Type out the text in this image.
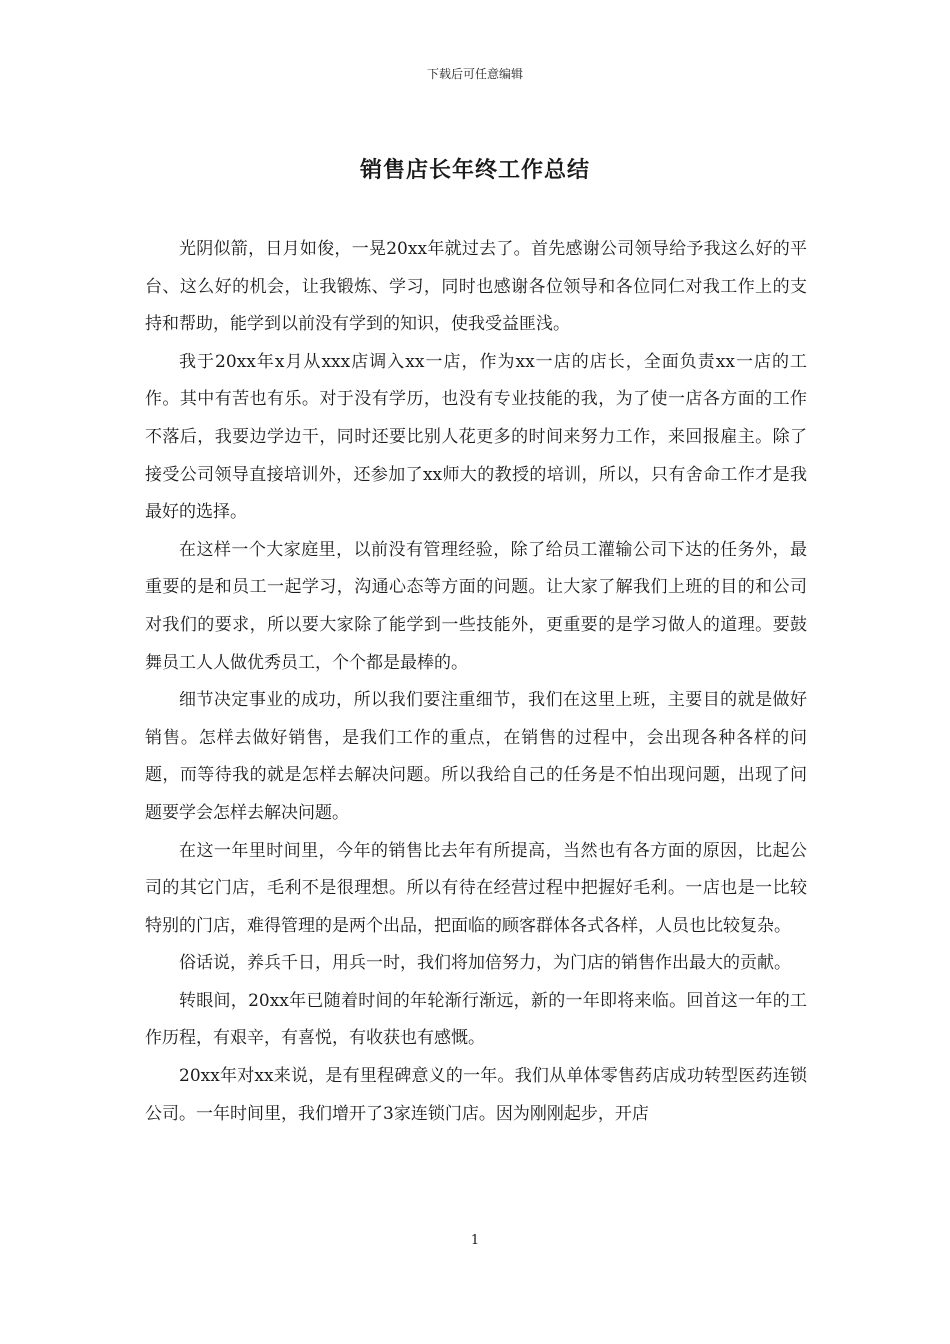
下载后可任意编辑
销售店长年终工作总结

光阴似箭，日月如俊，一晃20xx年就过去了。首先感谢公司领导给予我这么好的平台、这么好的机会，让我锻炼、学习，同时也感谢各位领导和各位同仁对我工作上的支持和帮助，能学到以前没有学到的知识，使我受益匪浅。

我于20xx年x月从xxx店调入xx一店，作为xx一店的店长，全面负责xx一店的工作。其中有苦也有乐。对于没有学历，也没有专业技能的我，为了使一店各方面的工作不落后，我要边学边干，同时还要比别人花更多的时间来努力工作，来回报雇主。除了接受公司领导直接培训外，还参加了xx师大的教授的培训，所以，只有舍命工作才是我最好的选择。

在这样一个大家庭里，以前没有管理经验，除了给员工灌输公司下达的任务外，最重要的是和员工一起学习，沟通心态等方面的问题。让大家了解我们上班的目的和公司对我们的要求，所以要大家除了能学到一些技能外，更重要的是学习做人的道理。要鼓舞员工人人做优秀员工，个个都是最棒的。

细节决定事业的成功，所以我们要注重细节，我们在这里上班，主要目的就是做好销售。怎样去做好销售，是我们工作的重点，在销售的过程中，会出现各种各样的问题，而等待我的就是怎样去解决问题。所以我给自己的任务是不怕出现问题，出现了问题要学会怎样去解决问题。

在这一年里时间里，今年的销售比去年有所提高，当然也有各方面的原因，比起公司的其它门店，毛利不是很理想。所以有待在经营过程中把握好毛利。一店也是一比较特别的门店，难得管理的是两个出品，把面临的顾客群体各式各样，人员也比较复杂。

俗话说，养兵千日，用兵一时，我们将加倍努力，为门店的销售作出最大的贡献。

转眼间，20xx年已随着时间的年轮渐行渐远，新的一年即将来临。回首这一年的工作历程，有艰辛，有喜悦，有收获也有感慨。

20xx年对xx来说，是有里程碑意义的一年。我们从单体零售药店成功转型医药连锁公司。一年时间里，我们增开了3家连锁门店。因为刚刚起步，开店

1
